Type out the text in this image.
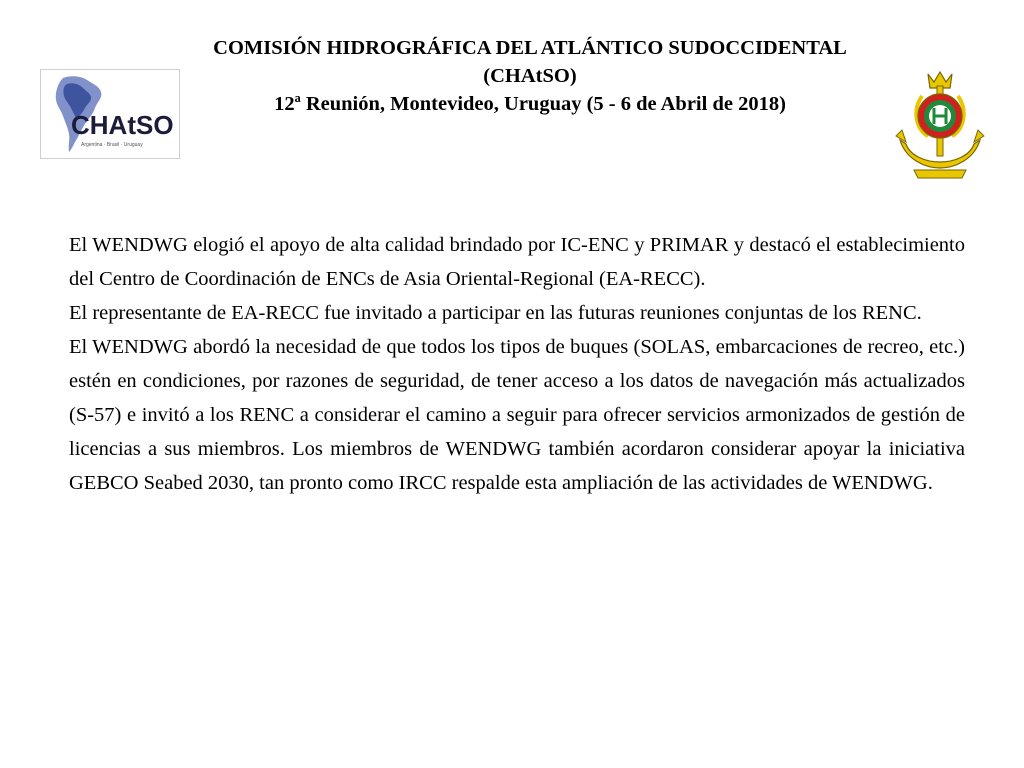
COMISIÓN HIDROGRÁFICA DEL ATLÁNTICO SUDOCCIDENTAL
(CHAtSO)
12ª Reunión, Montevideo, Uruguay (5 - 6 de Abril de 2018)
CHAtSO
Argentina · Brasil · Uruguay

El WENDWG elogió el apoyo de alta calidad brindado por IC-ENC y PRIMAR y destacó el establecimiento del Centro de Coordinación de ENCs de Asia Oriental-Regional (EA-RECC).

El representante de EA-RECC fue invitado a participar en las futuras reuniones conjuntas de los RENC.

El WENDWG abordó la necesidad de que todos los tipos de buques (SOLAS, embarcaciones de recreo, etc.) estén en condiciones, por razones de seguridad, de tener acceso a los datos de navegación más actualizados (S-57) e invitó a los RENC a considerar el camino a seguir para ofrecer servicios armonizados de gestión de licencias a sus miembros. Los miembros de WENDWG también acordaron considerar apoyar la iniciativa GEBCO Seabed 2030, tan pronto como IRCC respalde esta ampliación de las actividades de WENDWG.
